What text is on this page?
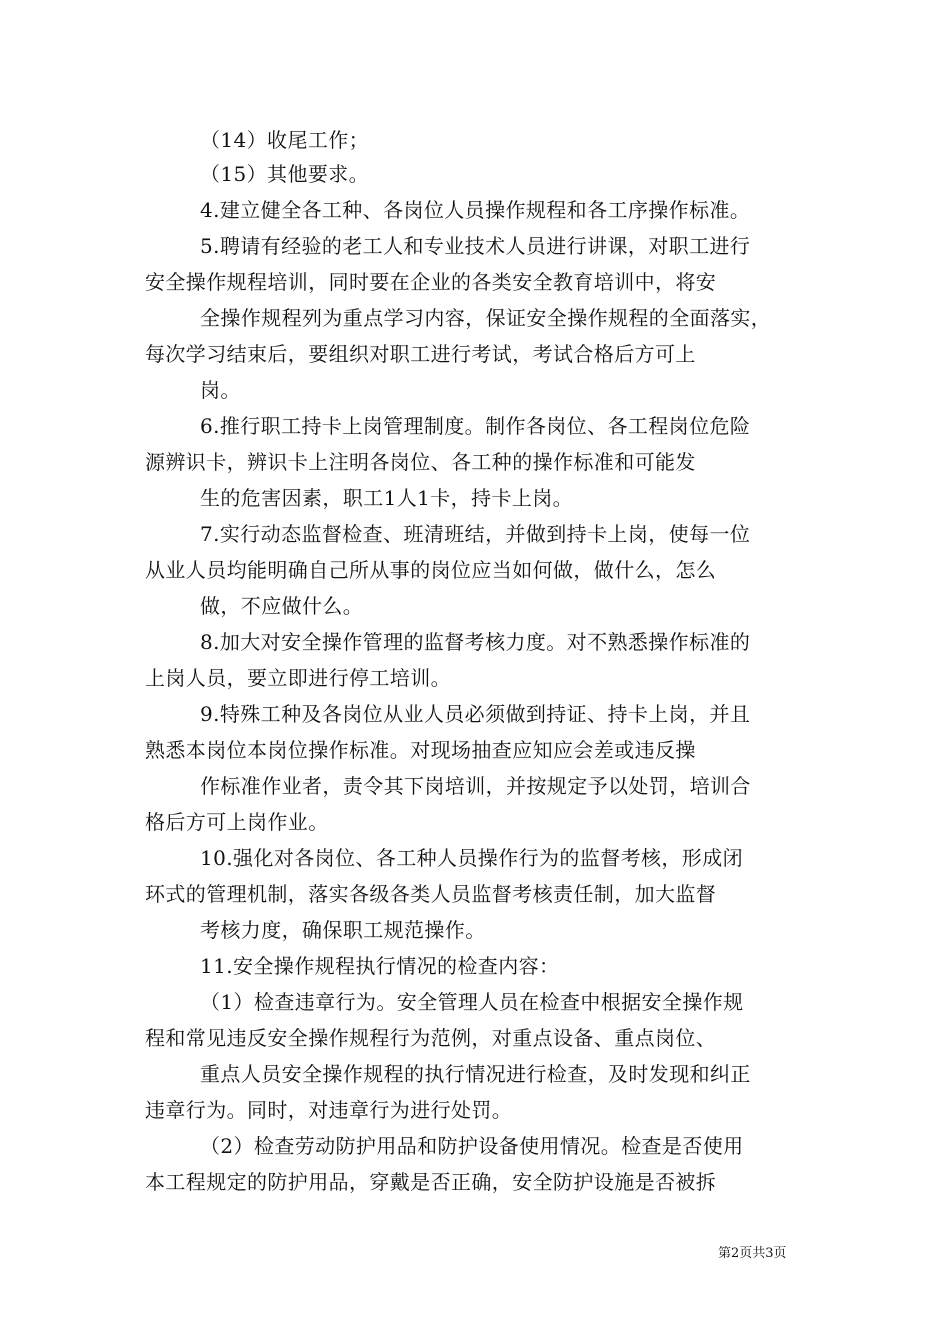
（14）收尾工作；
（15）其他要求。
4.建立健全各工种、各岗位人员操作规程和各工序操作标准。
5.聘请有经验的老工人和专业技术人员进行讲课，对职工进行
安全操作规程培训，同时要在企业的各类安全教育培训中，将安
全操作规程列为重点学习内容，保证安全操作规程的全面落实，
每次学习结束后，要组织对职工进行考试，考试合格后方可上
岗。
6.推行职工持卡上岗管理制度。制作各岗位、各工程岗位危险
源辨识卡，辨识卡上注明各岗位、各工种的操作标准和可能发
生的危害因素，职工1人1卡，持卡上岗。
7.实行动态监督检查、班清班结，并做到持卡上岗，使每一位
从业人员均能明确自己所从事的岗位应当如何做，做什么，怎么
做，不应做什么。
8.加大对安全操作管理的监督考核力度。对不熟悉操作标准的
上岗人员，要立即进行停工培训。
9.特殊工种及各岗位从业人员必须做到持证、持卡上岗，并且
熟悉本岗位本岗位操作标准。对现场抽查应知应会差或违反操
作标准作业者，责令其下岗培训，并按规定予以处罚，培训合
格后方可上岗作业。
10.强化对各岗位、各工种人员操作行为的监督考核，形成闭
环式的管理机制，落实各级各类人员监督考核责任制，加大监督
考核力度，确保职工规范操作。
11.安全操作规程执行情况的检查内容：
（1）检查违章行为。安全管理人员在检查中根据安全操作规
程和常见违反安全操作规程行为范例，对重点设备、重点岗位、
重点人员安全操作规程的执行情况进行检查，及时发现和纠正
违章行为。同时，对违章行为进行处罚。
（2）检查劳动防护用品和防护设备使用情况。检查是否使用
本工程规定的防护用品，穿戴是否正确，安全防护设施是否被拆
第2页共3页
